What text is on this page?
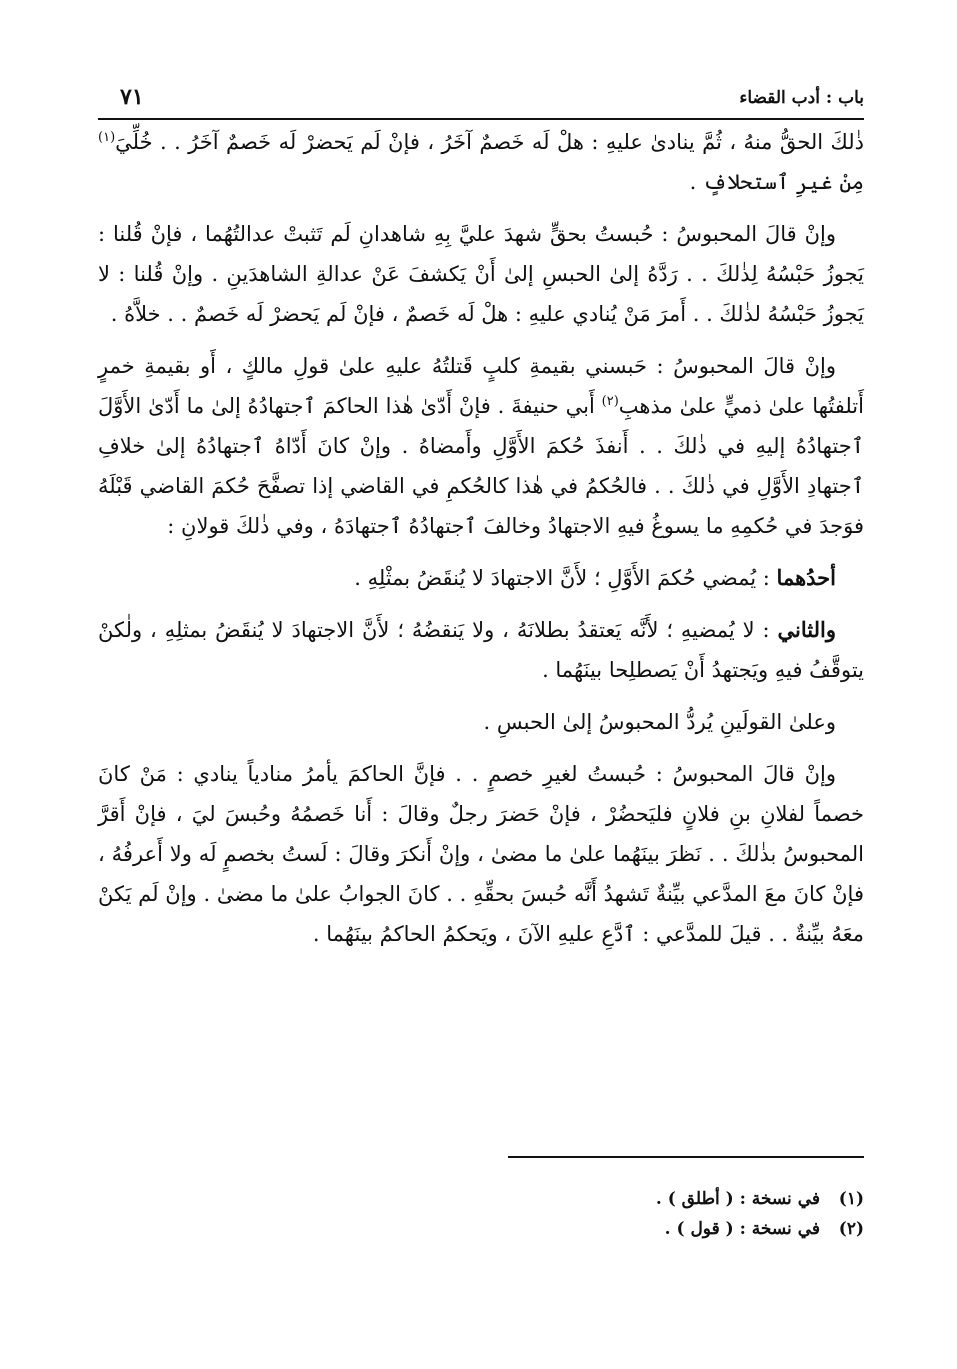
باب : أدب القضاء
٧١

ذٰلكَ الحقُّ منهُ ، ثُمَّ ينادىٰ عليهِ : هلْ لَه خَصمٌ آخَرُ ، فإنْ لَم يَحضرْ لَه خَصمٌ آخَرُ . . خُلِّيَ$^{(١)}$ مِنْ غيرِ ٱستحلافٍ .

وإنْ قالَ المحبوسُ : حُبستُ بحقٍّ شهدَ عليَّ بِهِ شاهدانِ لَم تَثبتْ عدالتُهُما ، فإنْ قُلنا : يَجوزُ حَبْسُهُ لِذٰلكَ . . رَدَّهُ إلىٰ الحبسِ إلىٰ أَنْ يَكشفَ عَنْ عدالةِ الشاهدَينِ . وإنْ قُلنا : لا يَجوزُ حَبْسُهُ لذٰلكَ . . أَمرَ مَنْ يُنادي عليهِ : هلْ لَه خَصمٌ ، فإنْ لَم يَحضرْ لَه خَصمٌ . . خلاَّهُ .

وإنْ قالَ المحبوسُ : حَبسني بقيمةِ كلبٍ قَتلتُهُ عليهِ علىٰ قولِ مالكٍ ، أَو بقيمةِ خمرٍ أَتلفتُها علىٰ ذميٍّ علىٰ مذهبِ$^{(٢)}$ أَبي حنيفةَ . فإنْ أَدّىٰ هٰذا الحاكمَ ٱجتهادُهُ إلىٰ ما أَدّىٰ الأَوَّلَ ٱجتهادُهُ إليهِ في ذٰلكَ . . أَنفذَ حُكمَ الأَوَّلِ وأَمضاهُ . وإنْ كانَ أَدّاهُ ٱجتهادُهُ إلىٰ خلافِ ٱجتهادِ الأَوَّلِ في ذٰلكَ . . فالحُكمُ في هٰذا كالحُكمِ في القاضي إذا تصفَّحَ حُكمَ القاضي قَبْلَهُ فوَجدَ في حُكمِهِ ما يسوغُ فيهِ الاجتهادُ وخالفَ ٱجتهادُهُ ٱجتهادَهُ ، وفي ذٰلكَ قولانِ :

أحدُهما : يُمضي حُكمَ الأَوَّلِ ؛ لأَنَّ الاجتهادَ لا يُنقَضُ بمثْلِهِ .

والثاني : لا يُمضيهِ ؛ لأَنَّه يَعتقدُ بطلانَهُ ، ولا يَنقضُهُ ؛ لأَنَّ الاجتهادَ لا يُنقَضُ بمثلِهِ ، ولٰكنْ يتوقَّفُ فيهِ ويَجتهدُ أَنْ يَصطلِحا بينَهُما .

وعلىٰ القولَينِ يُردُّ المحبوسُ إلىٰ الحبسِ .

وإنْ قالَ المحبوسُ : حُبستُ لغيرِ خصمٍ . . فإنَّ الحاكمَ يأمرُ منادياً ينادي : مَنْ كانَ خصماً لفلانِ بنِ فلانٍ فليَحضُرْ ، فإنْ حَضرَ رجلٌ وقالَ : أَنا خَصمُهُ وحُبسَ ليَ ، فإنْ أَقرَّ المحبوسُ بذٰلكَ . . نَظرَ بينَهُما علىٰ ما مضىٰ ، وإنْ أَنكرَ وقالَ : لَستُ بخصمٍ لَه ولا أَعرفُهُ ، فإنْ كانَ معَ المدَّعي بيِّنةٌ تَشهدُ أَنَّه حُبسَ بحقِّهِ . . كانَ الجوابُ علىٰ ما مضىٰ . وإنْ لَم يَكنْ معَهُ بيِّنةٌ . . قيلَ للمدَّعي : ٱدَّعِ عليهِ الآنَ ، ويَحكمُ الحاكمُ بينَهُما .

(١)في نسخة : ( أطلق ) .
(٢)في نسخة : ( قول ) .
